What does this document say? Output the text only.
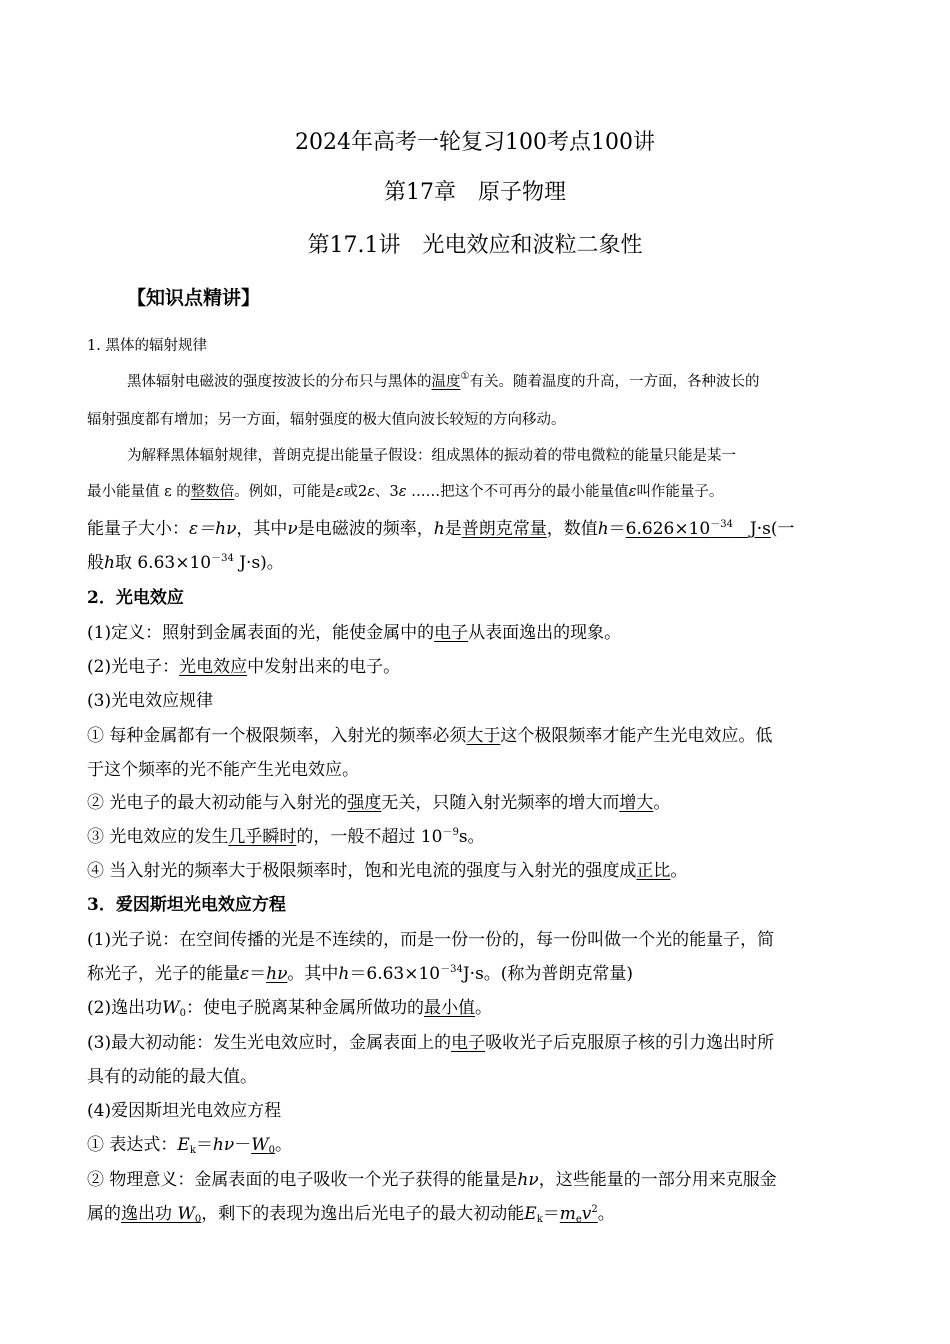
2024年高考一轮复习100考点100讲
第17章　原子物理
第17.1讲　光电效应和波粒二象性
【知识点精讲】
1. 黑体的辐射规律
黑体辐射电磁波的强度按波长的分布只与黑体的温度①有关。随着温度的升高，一方面，各种波长的
辐射强度都有增加；另一方面，辐射强度的极大值向波长较短的方向移动。
为解释黑体辐射规律，普朗克提出能量子假设：组成黑体的振动着的带电微粒的能量只能是某一
最小能量值 ε 的整数倍。例如，可能是ε或2ε、3ε ……把这个不可再分的最小能量值ε叫作能量子。
能量子大小：ε＝hν，其中ν是电磁波的频率，h是普朗克常量，数值$h=6.626\times 10^{-34}$　J·s(一
般h取 $6.63\times 10^{-34}$ J·s)。
2．光电效应
(1)定义：照射到金属表面的光，能使金属中的电子从表面逸出的现象。
(2)光电子：光电效应中发射出来的电子。
(3)光电效应规律
① 每种金属都有一个极限频率，入射光的频率必须大于这个极限频率才能产生光电效应。低
于这个频率的光不能产生光电效应。
② 光电子的最大初动能与入射光的强度无关，只随入射光频率的增大而增大。
③ 光电效应的发生几乎瞬时的，一般不超过 $10^{-9}s$。
④ 当入射光的频率大于极限频率时，饱和光电流的强度与入射光的强度成正比。
3．爱因斯坦光电效应方程
(1)光子说：在空间传播的光是不连续的，而是一份一份的，每一份叫做一个光的能量子，简
称光子，光子的能量ε＝hν。其中$h=6.63\times 10^{-34}J\cdot s$。(称为普朗克常量)
(2)逸出功$W_0$：使电子脱离某种金属所做功的最小值。
(3)最大初动能：发生光电效应时，金属表面上的电子吸收光子后克服原子核的引力逸出时所
具有的动能的最大值。
(4)爱因斯坦光电效应方程
① 表达式：$E_k=h\nu-W_0$。
② 物理意义：金属表面的电子吸收一个光子获得的能量是hν，这些能量的一部分用来克服金
属的逸出功 $W_0$，剩下的表现为逸出后光电子的最大初动能$E_k=m_ev^2$。
